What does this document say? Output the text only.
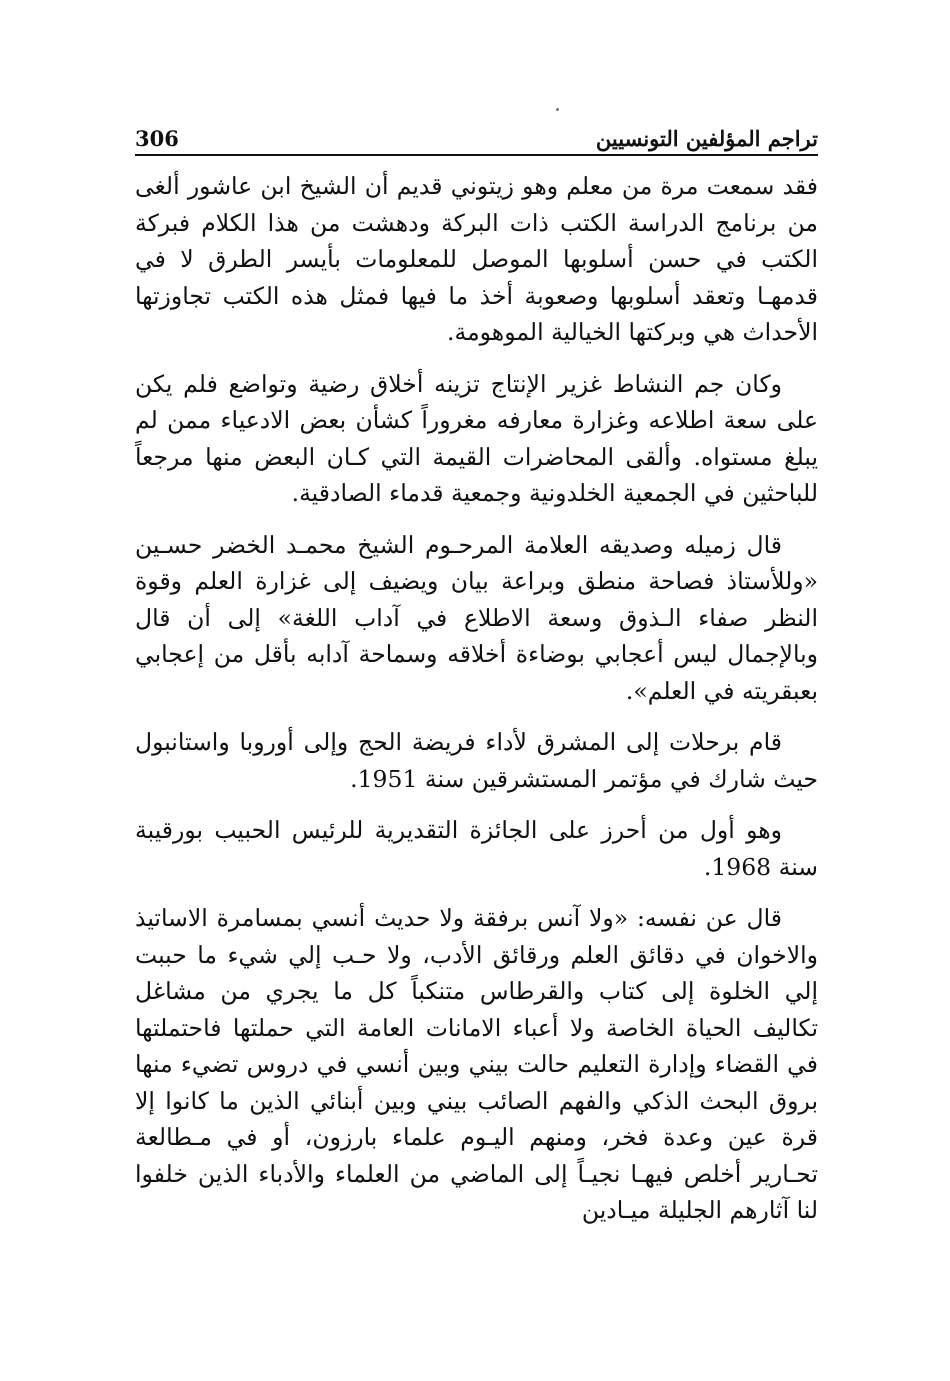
تراجم المؤلفين التونسيين
306

فقد سمعت مرة من معلم وهو زيتوني قديم أن الشيخ ابن عاشور ألغى من برنامج الدراسة الكتب ذات البركة ودهشت من هذا الكلام فبركة الكتب في حسن أسلوبها الموصل للمعلومات بأيسر الطرق لا في قدمهـا وتعقد أسلوبها وصعوبة أخذ ما فيها فمثل هذه الكتب تجاوزتها الأحداث هي وبركتها الخيالية الموهومة.

وكان جم النشاط غزير الإنتاج تزينه أخلاق رضية وتواضع فلم يكن على سعة اطلاعه وغزارة معارفه مغروراً كشأن بعض الادعياء ممن لم يبلغ مستواه. وألقى المحاضرات القيمة التي كـان البعض منها مرجعاً للباحثين في الجمعية الخلدونية وجمعية قدماء الصادقية.

قال زميله وصديقه العلامة المرحـوم الشيخ محمـد الخضر حسـين «وللأستاذ فصاحة منطق وبراعة بيان ويضيف إلى غزارة العلم وقوة النظر صفاء الـذوق وسعة الاطلاع في آداب اللغة» إلى أن قال وبالإجمال ليس أعجابي بوضاءة أخلاقه وسماحة آدابه بأقل من إعجابي بعبقريته في العلم».

قام برحلات إلى المشرق لأداء فريضة الحج وإلى أوروبا واستانبول حيث شارك في مؤتمر المستشرقين سنة 1951.

وهو أول من أحرز على الجائزة التقديرية للرئيس الحبيب بورقيبة سنة 1968.

قال عن نفسه: «ولا آنس برفقة ولا حديث أنسي بمسامرة الاساتيذ والاخوان في دقائق العلم ورقائق الأدب، ولا حـب إلي شيء ما حببت إلي الخلوة إلى كتاب والقرطاس متنكباً كل ما يجري من مشاغل تكاليف الحياة الخاصة ولا أعباء الامانات العامة التي حملتها فاحتملتها في القضاء وإدارة التعليم حالت بيني وبين أنسي في دروس تضيء منها بروق البحث الذكي والفهم الصائب بيني وبين أبنائي الذين ما كانوا إلا قرة عين وعدة فخر، ومنهم اليـوم علماء بارزون، أو في مـطالعة تحـارير أخلص فيهـا نجيـاً إلى الماضي من العلماء والأدباء الذين خلفوا لنا آثارهم الجليلة ميـادين
